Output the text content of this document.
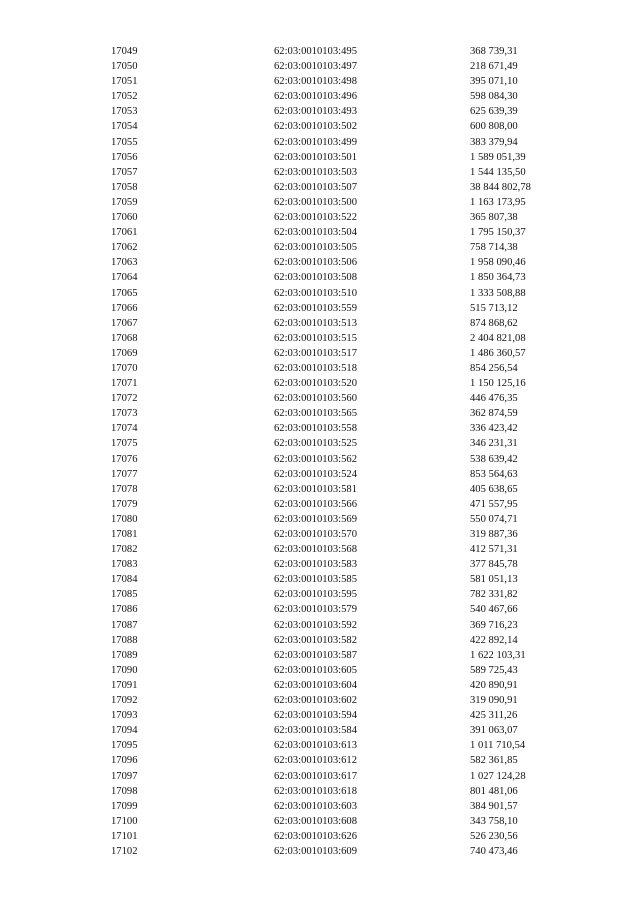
17049	62:03:0010103:495	368 739,31
17050	62:03:0010103:497	218 671,49
17051	62:03:0010103:498	395 071,10
17052	62:03:0010103:496	598 084,30
17053	62:03:0010103:493	625 639,39
17054	62:03:0010103:502	600 808,00
17055	62:03:0010103:499	383 379,94
17056	62:03:0010103:501	1 589 051,39
17057	62:03:0010103:503	1 544 135,50
17058	62:03:0010103:507	38 844 802,78
17059	62:03:0010103:500	1 163 173,95
17060	62:03:0010103:522	365 807,38
17061	62:03:0010103:504	1 795 150,37
17062	62:03:0010103:505	758 714,38
17063	62:03:0010103:506	1 958 090,46
17064	62:03:0010103:508	1 850 364,73
17065	62:03:0010103:510	1 333 508,88
17066	62:03:0010103:559	515 713,12
17067	62:03:0010103:513	874 868,62
17068	62:03:0010103:515	2 404 821,08
17069	62:03:0010103:517	1 486 360,57
17070	62:03:0010103:518	854 256,54
17071	62:03:0010103:520	1 150 125,16
17072	62:03:0010103:560	446 476,35
17073	62:03:0010103:565	362 874,59
17074	62:03:0010103:558	336 423,42
17075	62:03:0010103:525	346 231,31
17076	62:03:0010103:562	538 639,42
17077	62:03:0010103:524	853 564,63
17078	62:03:0010103:581	405 638,65
17079	62:03:0010103:566	471 557,95
17080	62:03:0010103:569	550 074,71
17081	62:03:0010103:570	319 887,36
17082	62:03:0010103:568	412 571,31
17083	62:03:0010103:583	377 845,78
17084	62:03:0010103:585	581 051,13
17085	62:03:0010103:595	782 331,82
17086	62:03:0010103:579	540 467,66
17087	62:03:0010103:592	369 716,23
17088	62:03:0010103:582	422 892,14
17089	62:03:0010103:587	1 622 103,31
17090	62:03:0010103:605	589 725,43
17091	62:03:0010103:604	420 890,91
17092	62:03:0010103:602	319 090,91
17093	62:03:0010103:594	425 311,26
17094	62:03:0010103:584	391 063,07
17095	62:03:0010103:613	1 011 710,54
17096	62:03:0010103:612	582 361,85
17097	62:03:0010103:617	1 027 124,28
17098	62:03:0010103:618	801 481,06
17099	62:03:0010103:603	384 901,57
17100	62:03:0010103:608	343 758,10
17101	62:03:0010103:626	526 230,56
17102	62:03:0010103:609	740 473,46
